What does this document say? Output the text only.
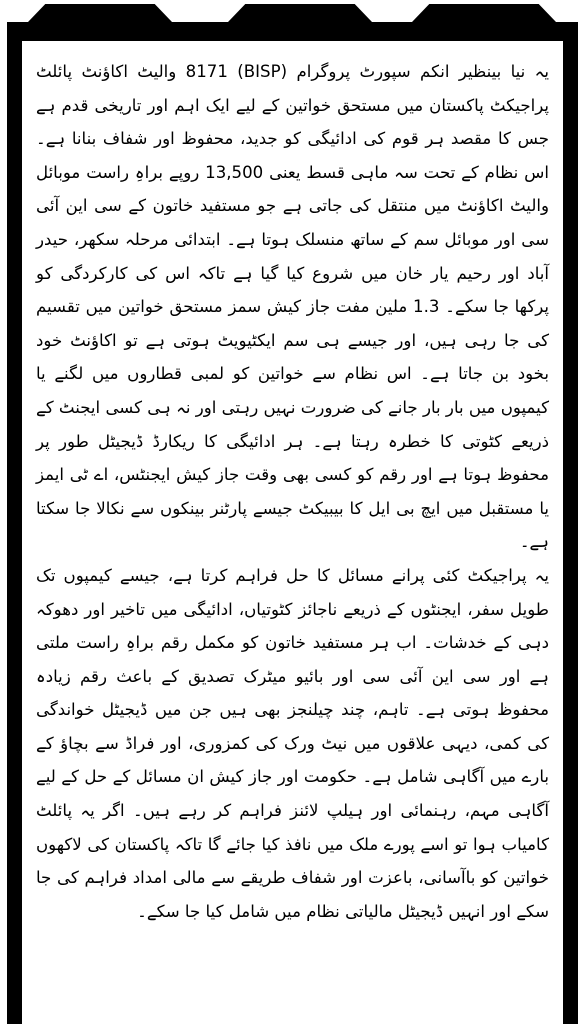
یہ نیا بینظیر انکم سپورٹ پروگرام (BISP) 8171 والیٹ اکاؤنٹ پائلٹ پراجیکٹ پاکستان میں مستحق خواتین کے لیے ایک اہم اور تاریخی قدم ہے جس کا مقصد ہر قوم کی ادائیگی کو جدید، محفوظ اور شفاف بنانا ہے۔ اس نظام کے تحت سہ ماہی قسط یعنی 13,500 روپے براہِ راست موبائل والیٹ اکاؤنٹ میں منتقل کی جاتی ہے جو مستفید خاتون کے سی این آئی سی اور موبائل سم کے ساتھ منسلک ہوتا ہے۔ ابتدائی مرحلہ سکھر، حیدر آباد اور رحیم یار خان میں شروع کیا گیا ہے تاکہ اس کی کارکردگی کو پرکھا جا سکے۔ 1.3 ملین مفت جاز کیش سمز مستحق خواتین میں تقسیم کی جا رہی ہیں، اور جیسے ہی سم ایکٹیویٹ ہوتی ہے تو اکاؤنٹ خود بخود بن جاتا ہے۔ اس نظام سے خواتین کو لمبی قطاروں میں لگنے یا کیمپوں میں بار بار جانے کی ضرورت نہیں رہتی اور نہ ہی کسی ایجنٹ کے ذریعے کٹوتی کا خطرہ رہتا ہے۔ ہر ادائیگی کا ریکارڈ ڈیجیٹل طور پر محفوظ ہوتا ہے اور رقم کو کسی بھی وقت جاز کیش ایجنٹس، اے ٹی ایمز یا مستقبل میں ایچ بی ایل کا بیبیکٹ جیسے پارٹنر بینکوں سے نکالا جا سکتا ہے۔

یہ پراجیکٹ کئی پرانے مسائل کا حل فراہم کرتا ہے، جیسے کیمپوں تک طویل سفر، ایجنٹوں کے ذریعے ناجائز کٹوتیاں، ادائیگی میں تاخیر اور دھوکہ دہی کے خدشات۔ اب ہر مستفید خاتون کو مکمل رقم براہِ راست ملتی ہے اور سی این آئی سی اور بائیو میٹرک تصدیق کے باعث رقم زیادہ محفوظ ہوتی ہے۔ تاہم، چند چیلنجز بھی ہیں جن میں ڈیجیٹل خواندگی کی کمی، دیہی علاقوں میں نیٹ ورک کی کمزوری، اور فراڈ سے بچاؤ کے بارے میں آگاہی شامل ہے۔ حکومت اور جاز کیش ان مسائل کے حل کے لیے آگاہی مہم، رہنمائی اور ہیلپ لائنز فراہم کر رہے ہیں۔ اگر یہ پائلٹ کامیاب ہوا تو اسے پورے ملک میں نافذ کیا جائے گا تاکہ پاکستان کی لاکھوں خواتین کو باآسانی، باعزت اور شفاف طریقے سے مالی امداد فراہم کی جا سکے اور انہیں ڈیجیٹل مالیاتی نظام میں شامل کیا جا سکے۔
